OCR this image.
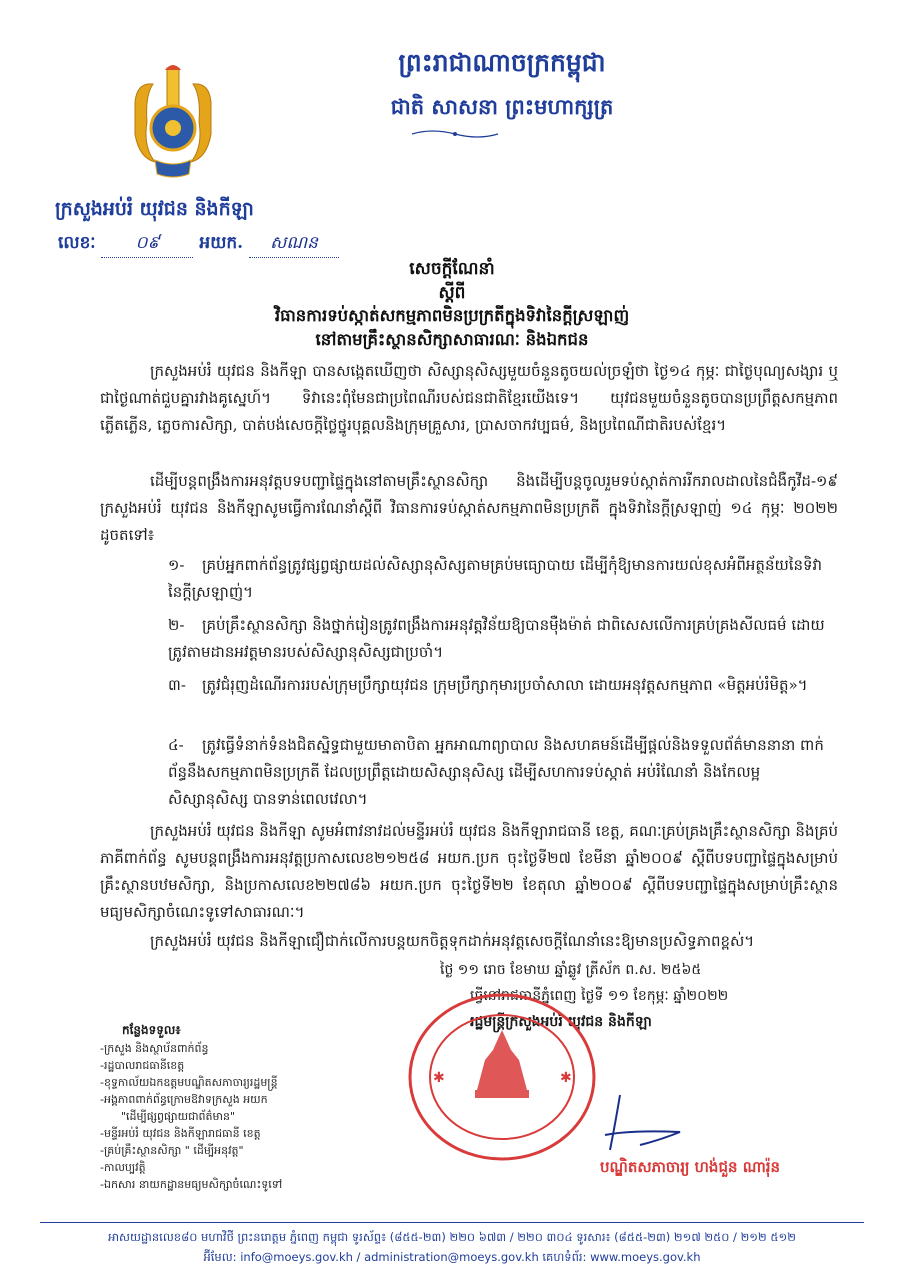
ព្រះរាជាណាចក្រកម្ពុជា
ជាតិ សាសនា ព្រះមហាក្សត្រ
ក្រសួងអប់រំ យុវជន និងកីឡា
លេខៈ ០៩ អយក. សណន
សេចក្តីណែនាំ
ស្តីពី
វិធានការទប់ស្កាត់សកម្មភាពមិនប្រក្រតីក្នុងទិវានៃក្តីស្រឡាញ់
នៅតាមគ្រឹះស្ថានសិក្សាសាធារណៈ និងឯកជន
ក្រសួងអប់រំ យុវជន និងកីឡា បានសង្កេតឃើញថា សិស្សានុសិស្សមួយចំនួនតូចយល់ច្រឡំថា ថ្ងៃ១៤ កុម្ភៈ ជាថ្ងៃបុណ្យសង្សារ ឬជាថ្ងៃណាត់ជួបគ្នារវាងគូស្នេហ៍។ ទិវានេះពុំមែនជាប្រពៃណីរបស់ជនជាតិខ្មែរយើងទេ។ យុវជនមួយចំនួនតូចបានប្រព្រឹត្តសកម្មភាពភ្លើតភ្លើន, ភ្លេចការសិក្សា, បាត់បង់សេចក្តីថ្លៃថ្នូរបុគ្គលនិងក្រុមគ្រួសារ, ប្រាសចាកវប្បធម៌, និងប្រពៃណីជាតិរបស់ខ្មែរ។
ដើម្បីបន្តពង្រឹងការអនុវត្តបទបញ្ជាផ្ទៃក្នុងនៅតាមគ្រឹះស្ថានសិក្សា និងដើម្បីបន្តចូលរួមទប់ស្កាត់ការរីករាលដាលនៃជំងឺកូវីដ-១៩ ក្រសួងអប់រំ យុវជន និងកីឡាសូមធ្វើការណែនាំស្តីពី វិធានការទប់ស្កាត់សកម្មភាពមិនប្រក្រតី ក្នុងទិវានៃក្តីស្រឡាញ់ ១៤ កុម្ភៈ ២០២២ ដូចតទៅ៖
១- គ្រប់អ្នកពាក់ព័ន្ធត្រូវផ្សព្វផ្សាយដល់សិស្សានុសិស្សតាមគ្រប់មធ្យោបាយ ដើម្បីកុំឱ្យមានការយល់ខុសអំពីអត្ថន័យនៃទិវានៃក្តីស្រឡាញ់។
២- គ្រប់គ្រឹះស្ថានសិក្សា និងថ្នាក់រៀនត្រូវពង្រឹងការអនុវត្តវិន័យឱ្យបានម៉ឺងម៉ាត់ ជាពិសេសលើការគ្រប់គ្រងសីលធម៌ ដោយត្រូវតាមដានអវត្តមានរបស់សិស្សានុសិស្សជាប្រចាំ។
៣- ត្រូវជំរុញដំណើរការរបស់ក្រុមប្រឹក្សាយុវជន ក្រុមប្រឹក្សាកុមារប្រចាំសាលា ដោយអនុវត្តសកម្មភាព «មិត្តអប់រំមិត្ត»។
៤- ត្រូវធ្វើទំនាក់ទំនងជិតស្និទ្ធជាមួយមាតាបិតា អ្នកអាណាព្យាបាល និងសហគមន៍ដើម្បីផ្តល់និងទទួលព័ត៌មាននានា ពាក់ព័ន្ធនឹងសកម្មភាពមិនប្រក្រតី ដែលប្រព្រឹត្តដោយសិស្សានុសិស្ស ដើម្បីសហការទប់ស្កាត់ អប់រំណែនាំ និងកែលម្អសិស្សានុសិស្ស បានទាន់ពេលវេលា។
ក្រសួងអប់រំ យុវជន និងកីឡា សូមអំពាវនាវដល់មន្ទីរអប់រំ យុវជន និងកីឡារាជធានី ខេត្ត, គណៈគ្រប់គ្រងគ្រឹះស្ថានសិក្សា និងគ្រប់ភាគីពាក់ព័ន្ធ សូមបន្តពង្រឹងការអនុវត្តប្រកាសលេខ២១២៥៨ អយក.ប្រក ចុះថ្ងៃទី២៧ ខែមីនា ឆ្នាំ២០០៩ ស្តីពីបទបញ្ជាផ្ទៃក្នុងសម្រាប់គ្រឹះស្ថានបឋមសិក្សា, និងប្រកាសលេខ២២៧៨៦ អយក.ប្រក ចុះថ្ងៃទី២២ ខែតុលា ឆ្នាំ២០០៩ ស្តីពីបទបញ្ជាផ្ទៃក្នុងសម្រាប់គ្រឹះស្ថានមធ្យមសិក្សាចំណេះទូទៅសាធារណៈ។
ក្រសួងអប់រំ យុវជន និងកីឡាជឿជាក់លើការបន្តយកចិត្តទុកដាក់អនុវត្តសេចក្តីណែនាំនេះឱ្យមានប្រសិទ្ធភាពខ្ពស់។
ថ្ងៃ ១១ រោច ខែមាឃ ឆ្នាំឆ្លូវ ត្រីស័ក ព.ស. ២៥៦៥
ធ្វើនៅរាជធានីភ្នំពេញ ថ្ងៃទី ១១ ខែកុម្ភៈ ឆ្នាំ២០២២
រដ្ឋមន្ត្រីក្រសួងអប់រំ យុវជន និងកីឡា
✱	✱
បណ្ឌិតសភាចារ្យ ហង់ជួន ណារ៉ុន
កន្លែងទទួល៖
-ក្រសួង និងស្ថាប័នពាក់ព័ន្ធ
-រដ្ឋបាលរាជធានីខេត្ត
-ខុទ្ទកាល័យឯកឧត្តមបណ្ឌិតសភាចារ្យរដ្ឋមន្ត្រី
-អង្គភាពពាក់ព័ន្ធក្រោមឱវាទក្រសួង អយក
"ដើម្បីផ្សព្វផ្សាយជាព័ត៌មាន"
-មន្ទីរអប់រំ យុវជន និងកីឡារាជធានី ខេត្ត
-គ្រប់គ្រឹះស្ថានសិក្សា " ដើម្បីអនុវត្ត"
-កាលប្បវត្តិ
-ឯកសារ នាយកដ្ឋានមធ្យមសិក្សាចំណេះទូទៅ
អាសយដ្ឋានលេខ៨០ មហាវិថី ព្រះនរោត្តម ភ្នំពេញ កម្ពុជា ទូរស័ព្ទ៖ (៨៥៥-២៣) ២២០ ៦៧៣ / ២២០ ៣០៤ ទូរសារ៖ (៨៥៥-២៣) ២១៧ ២៥០ / ២១២ ៥១២
អ៊ីមែល: info@moeys.gov.kh / administration@moeys.gov.kh គេហទំព័រ: www.moeys.gov.kh
